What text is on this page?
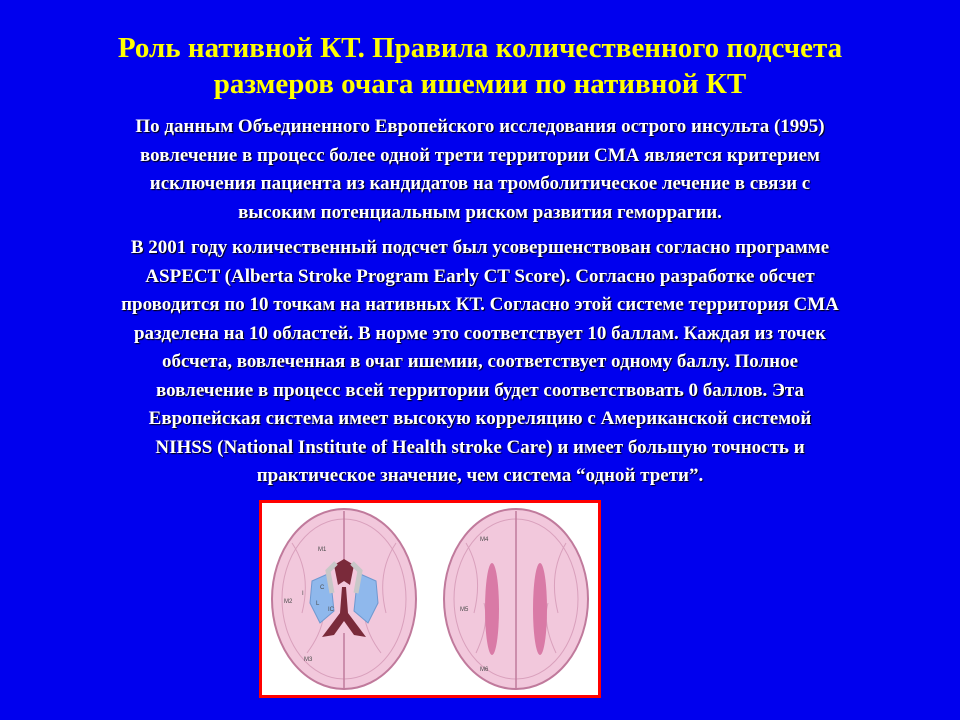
Роль нативной КТ. Правила количественного подсчета
размеров очага ишемии по нативной КТ

По данным Объединенного Европейского исследования острого инсульта (1995)
вовлечение в процесс более одной трети территории СМА является критерием
исключения пациента из кандидатов на тромболитическое лечение в связи с
высоким потенциальным риском развития геморрагии.

В 2001 году количественный подсчет был усовершенствован согласно программе
ASPECT (Alberta Stroke Program Early CT Score). Согласно разработке обсчет
проводится по 10 точкам на нативных КТ. Согласно этой системе территория СМА
разделена на 10 областей. В норме это соответствует 10 баллам. Каждая из точек
обсчета, вовлеченная в очаг ишемии, соответствует одному баллу. Полное
вовлечение в процесс всей территории будет соответствовать 0 баллов. Эта
Европейская система имеет высокую корреляцию с Американской системой
NIHSS (National Institute of Health stroke Care) и имеет большую точность и
практическое значение, чем система “одной трети”.

M1
M2
M3
C
L
IC
I
M4
M5
M6
